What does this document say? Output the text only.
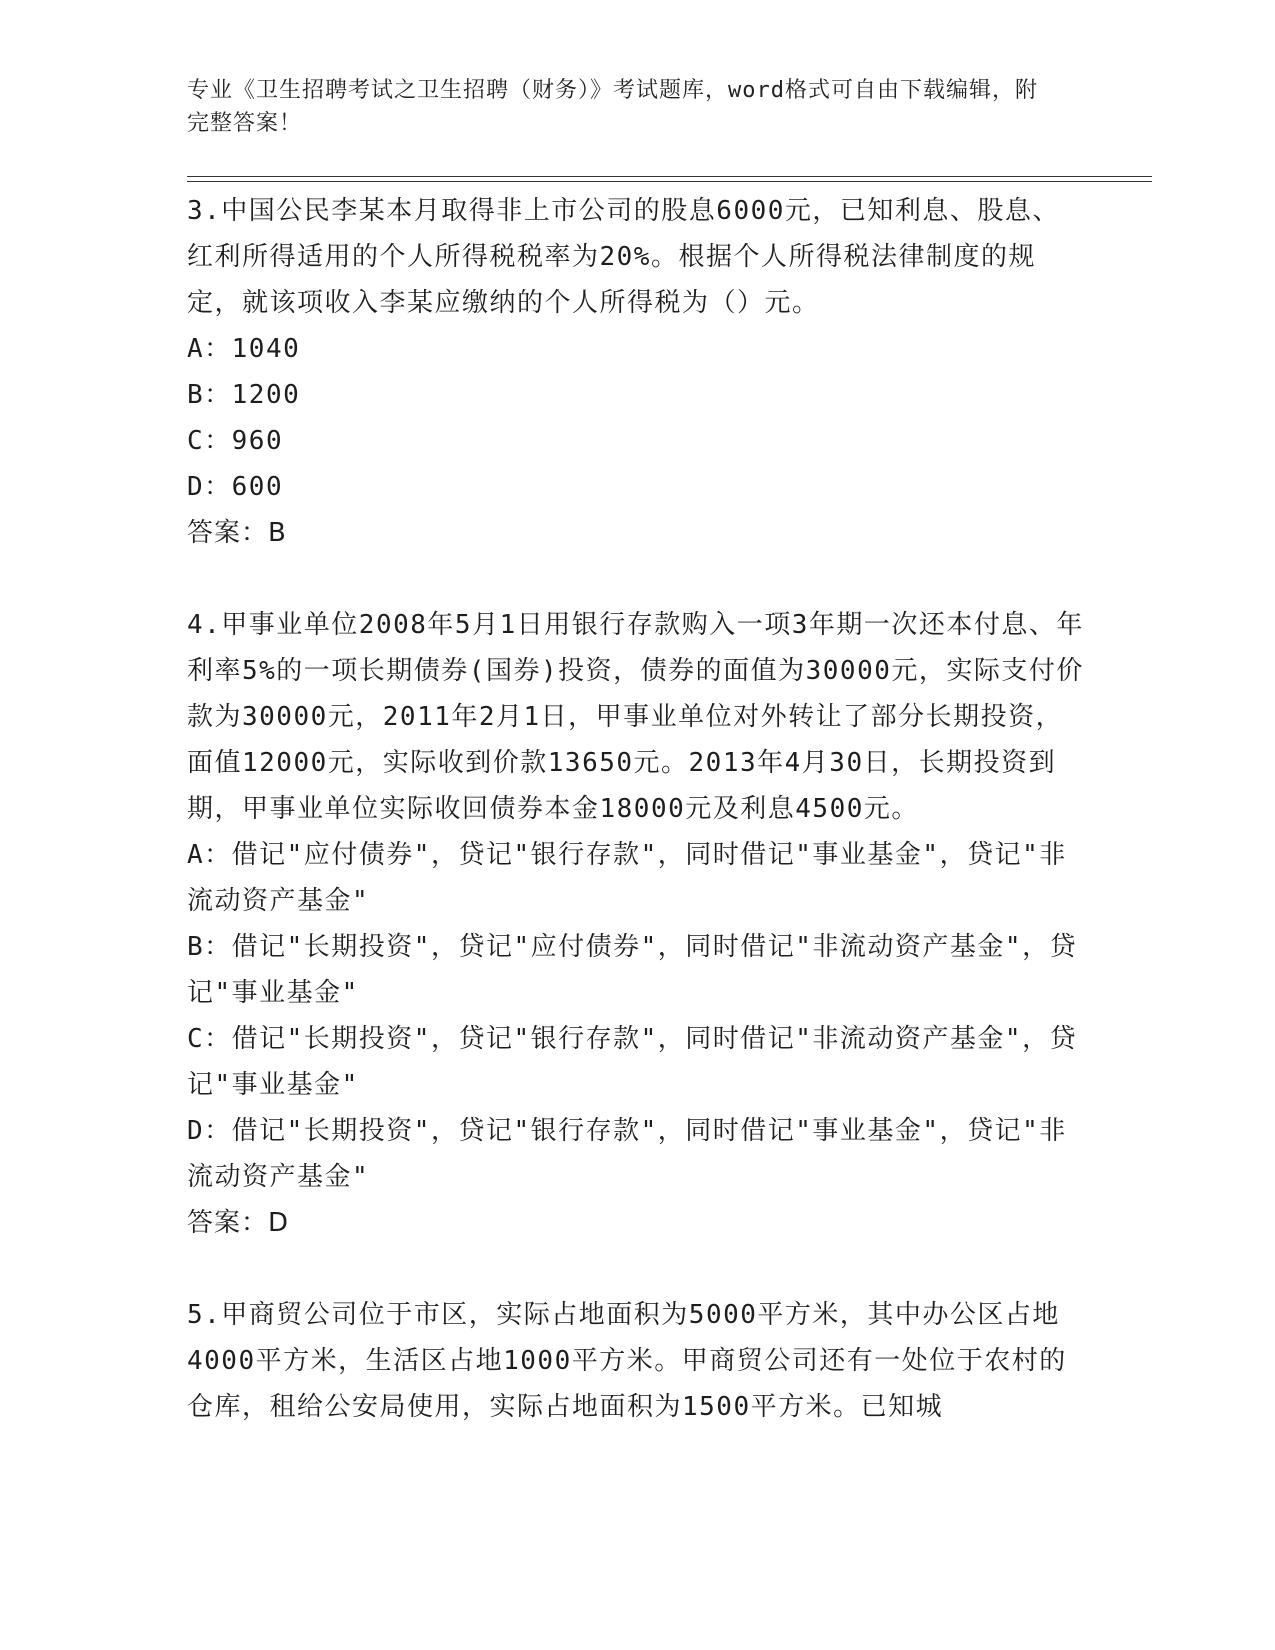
专业《卫生招聘考试之卫生招聘（财务）》考试题库，word格式可自由下载编辑，附完整答案！

3.中国公民李某本月取得非上市公司的股息6000元，已知利息、股息、红利所得适用的个人所得税税率为20%。根据个人所得税法律制度的规定，就该项收入李某应缴纳的个人所得税为（）元。

A：1040

B：1200

C：960

D：600

答案：B

4.甲事业单位2008年5月1日用银行存款购入一项3年期一次还本付息、年利率5%的一项长期债券(国券)投资，债券的面值为30000元，实际支付价款为30000元，2011年2月1日，甲事业单位对外转让了部分长期投资，面值12000元，实际收到价款13650元。2013年4月30日，长期投资到期，甲事业单位实际收回债券本金18000元及利息4500元。

A：借记"应付债券"，贷记"银行存款"，同时借记"事业基金"，贷记"非流动资产基金"

B：借记"长期投资"，贷记"应付债券"，同时借记"非流动资产基金"，贷记"事业基金"

C：借记"长期投资"，贷记"银行存款"，同时借记"非流动资产基金"，贷记"事业基金"

D：借记"长期投资"，贷记"银行存款"，同时借记"事业基金"，贷记"非流动资产基金"

答案：D

5.甲商贸公司位于市区，实际占地面积为5000平方米，其中办公区占地4000平方米，生活区占地1000平方米。甲商贸公司还有一处位于农村的仓库，租给公安局使用，实际占地面积为1500平方米。已知城
